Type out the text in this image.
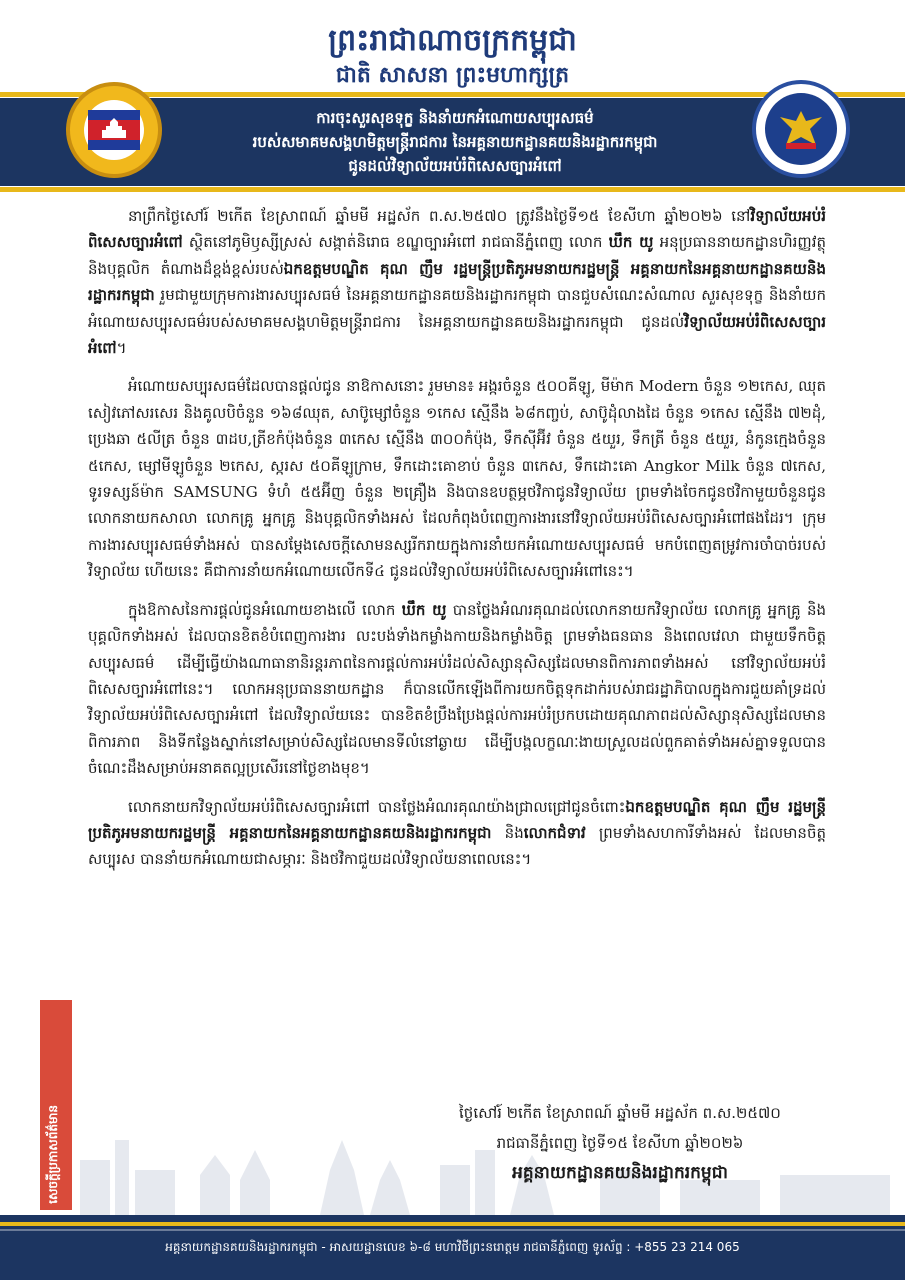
ព្រះរាជាណាចក្រកម្ពុជា
ជាតិ សាសនា ព្រះមហាក្សត្រ
ការចុះសួរសុខទុក្ខ និងនាំយកអំណោយសប្បុរសធម៌
របស់សមាគមសង្គហមិត្តមន្ត្រីរាជការ នៃអគ្គនាយកដ្ឋានគយនិងរដ្ឋាករកម្ពុជា
ជូនដល់វិទ្យាល័យអប់រំពិសេសច្បារអំពៅ

នាព្រឹកថ្ងៃសៅរ៍ ២កើត ខែស្រាពណ៍ ឆ្នាំមមី អដ្ឋស័ក ព.ស.២៥៧០ ត្រូវនឹងថ្ងៃទី១៥ ខែសីហា ឆ្នាំ២០២៦ នៅវិទ្យាល័យអប់រំពិសេសច្បារអំពៅ ស្ថិតនៅភូមិឫស្សីស្រស់ សង្កាត់និរោធ ខណ្ឌច្បារអំពៅ រាជធានីភ្នំពេញ លោក ឃឹក យូ អនុប្រធាននាយកដ្ឋានហិរញ្ញវត្ថុនិងបុគ្គលិក តំណាងដ៏ខ្ពង់ខ្ពស់របស់ឯកឧត្តមបណ្ឌិត គុណ ញឹម រដ្ឋមន្ត្រីប្រតិភូអមនាយករដ្ឋមន្ត្រី អគ្គនាយកនៃអគ្គនាយកដ្ឋានគយនិងរដ្ឋាករកម្ពុជា រួមជាមួយក្រុមការងារសប្បុរសធម៌ នៃអគ្គនាយកដ្ឋានគយនិងរដ្ឋាករកម្ពុជា បានជួបសំណេះសំណាល សួរសុខទុក្ខ និងនាំយកអំណោយសប្បុរសធម៌របស់សមាគមសង្គហមិត្តមន្ត្រីរាជការ នៃអគ្គនាយកដ្ឋានគយនិងរដ្ឋាករកម្ពុជា ជូនដល់វិទ្យាល័យអប់រំពិសេសច្បារអំពៅ។

អំណោយសប្បុរសធម៌ដែលបានផ្តល់ជូន នាឱកាសនោះ រួមមាន៖ អង្ករចំនួន ៥០០គីឡូ, មីម៉ាក Modern ចំនួន ១២កេស, ឈុតសៀវភៅសរសេរ និងគូលបិចំនួន ១៦៨ឈុត, សាប៊ូម្សៅចំនួន ១កេស ស្មើនឹង ៦៨កញ្ចប់, សាប៊ូដុំលាងដៃ ចំនួន ១កេស ស្មើនឹង ៧២ដុំ, ប្រេងឆា ៥លីត្រ ចំនួន ៣ដប,ត្រីខកំប៉ុងចំនួន ៣កេស ស្មើនឹង ៣០០កំប៉ុង, ទឹកស៊ីអ៊ីវ ចំនួន ៥យួរ, ទឹកត្រី ចំនួន ៥យួរ, នំកូនក្មេងចំនួន ៥កេស, ម្សៅមីឡូចំនួន ២កេស, ស្ករស ៥០គីឡូក្រាម, ទឹកដោះគោខាប់ ចំនួន ៣កេស, ទឹកដោះគោ Angkor Milk ចំនួន ៧កេស, ទូរទស្សន៍ម៉ាក SAMSUNG ទំហំ ៥៥អ៊ីញ ចំនួន ២គ្រឿង និងបានឧបត្ថម្ភថវិកាជូនវិទ្យាល័យ ព្រមទាំងចែកជូនថវិកាមួយចំនួនជូនលោកនាយកសាលា លោកគ្រូ អ្នកគ្រូ និងបុគ្គលិកទាំងអស់ ដែលកំពុងបំពេញការងារនៅវិទ្យាល័យអប់រំពិសេសច្បារអំពៅផងដែរ។ ក្រុមការងារសប្បុរសធម៌ទាំងអស់ បានសម្តែងសេចក្តីសោមនស្សរីករាយក្នុងការនាំយកអំណោយសប្បុរសធម៌ មកបំពេញតម្រូវការចាំបាច់របស់វិទ្យាល័យ ហើយនេះ គឺជាការនាំយកអំណោយលើកទី៤ ជូនដល់វិទ្យាល័យអប់រំពិសេសច្បារអំពៅនេះ។

ក្នុងឱកាសនៃការផ្តល់ជូនអំណោយខាងលើ លោក ឃឹក យូ បានថ្លែងអំណរគុណដល់លោកនាយកវិទ្យាល័យ លោកគ្រូ អ្នកគ្រូ និងបុគ្គលិកទាំងអស់ ដែលបានខិតខំបំពេញការងារ លះបង់ទាំងកម្លាំងកាយនិងកម្លាំងចិត្ត ព្រមទាំងធនធាន និងពេលវេលា ជាមួយទឹកចិត្តសប្បុរសធម៌ ដើម្បីធ្វើយ៉ាងណាធានានិរន្តរភាពនៃការផ្តល់ការអប់រំដល់សិស្សានុសិស្សដែលមានពិការភាពទាំងអស់ នៅវិទ្យាល័យអប់រំពិសេសច្បារអំពៅនេះ។ លោកអនុប្រធាននាយកដ្ឋាន ក៏បានលើកឡើងពីការយកចិត្តទុកដាក់របស់រាជរដ្ឋាភិបាលក្នុងការជួយគាំទ្រដល់វិទ្យាល័យអប់រំពិសេសច្បារអំពៅ ដែលវិទ្យាល័យនេះ បានខិតខំប្រឹងប្រែងផ្តល់ការអប់រំប្រកបដោយគុណភាពដល់សិស្សានុសិស្សដែលមានពិការភាព និងទីកន្លែងស្នាក់នៅសម្រាប់សិស្សដែលមានទីលំនៅឆ្ងាយ ដើម្បីបង្កលក្ខណៈងាយស្រួលដល់ពួកគាត់ទាំងអស់គ្នាទទួលបានចំណេះដឹងសម្រាប់អនាគតល្អប្រសើរនៅថ្ងៃខាងមុខ។

លោកនាយកវិទ្យាល័យអប់រំពិសេសច្បារអំពៅ បានថ្លែងអំណរគុណយ៉ាងជ្រាលជ្រៅជូនចំពោះឯកឧត្តមបណ្ឌិត គុណ ញឹម រដ្ឋមន្ត្រីប្រតិភូអមនាយករដ្ឋមន្ត្រី អគ្គនាយកនៃអគ្គនាយកដ្ឋានគយនិងរដ្ឋាករកម្ពុជា និងលោកជំទាវ ព្រមទាំងសហការីទាំងអស់ ដែលមានចិត្តសប្បុរស បាននាំយកអំណោយជាសម្ភារៈ និងថវិកាជួយដល់វិទ្យាល័យនាពេលនេះ។

ថ្ងៃសៅរ៍ ២កើត ខែស្រាពណ៍ ឆ្នាំមមី អដ្ឋស័ក ព.ស.២៥៧០
រាជធានីភ្នំពេញ ថ្ងៃទី១៥ ខែសីហា ឆ្នាំ២០២៦
អគ្គនាយកដ្ឋានគយនិងរដ្ឋាករកម្ពុជា
សេចក្តីប្រកាសព័ត៌មាន
អគ្គនាយកដ្ឋានគយនិងរដ្ឋាករកម្ពុជា - អាសយដ្ឋានលេខ ៦-៨ មហាវិថីព្រះនរោត្តម រាជធានីភ្នំពេញ ទូរស័ព្ទ : +855 23 214 065
